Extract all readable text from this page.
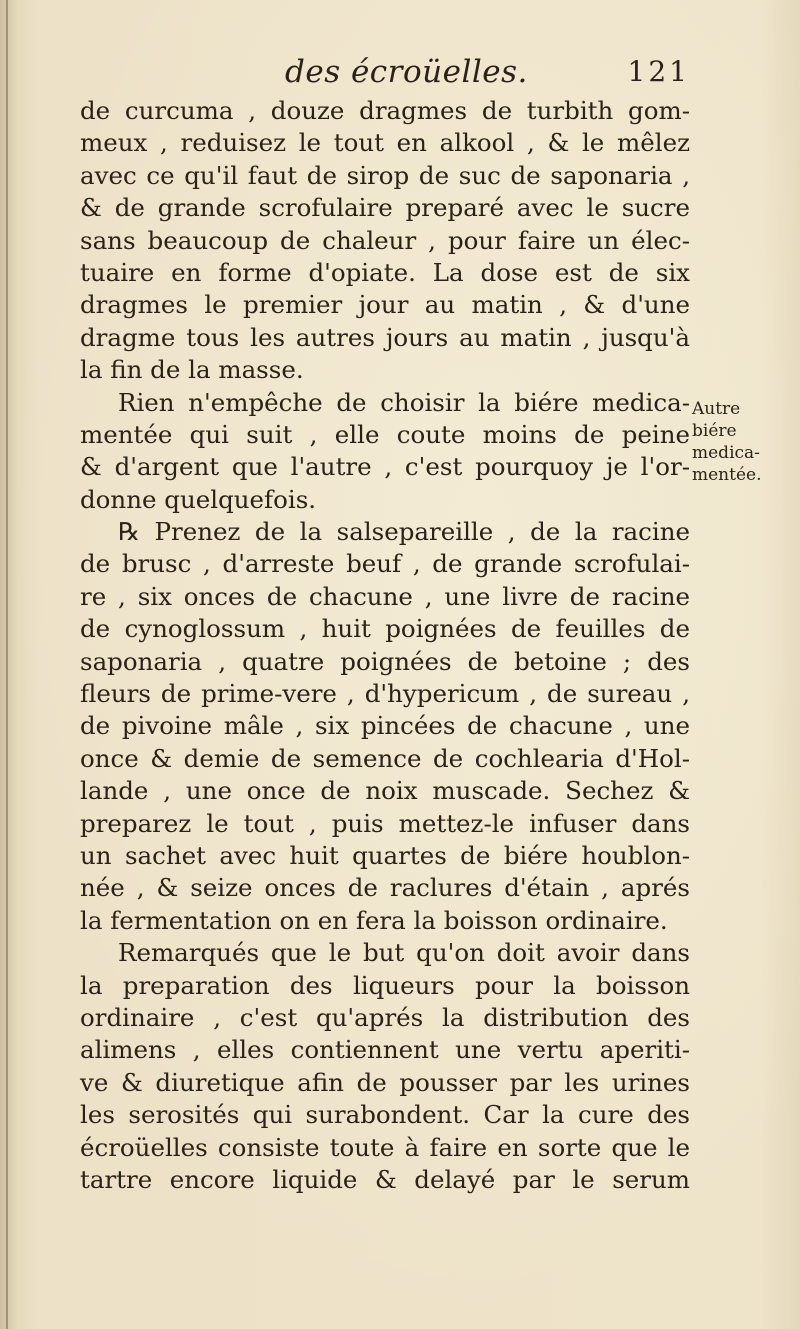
des écroüelles.	121
de curcuma , douze dragmes de turbith gom-
meux , reduisez le tout en alkool , & le mêlez
avec ce qu'il faut de sirop de suc de saponaria ,
& de grande scrofulaire preparé avec le sucre
sans beaucoup de chaleur , pour faire un élec-
tuaire en forme d'opiate. La dose est de six
dragmes le premier jour au matin , & d'une
dragme tous les autres jours au matin , jusqu'à
la fin de la masse.
Rien n'empêche de choisir la biére medica-
mentée qui suit , elle coute moins de peine
& d'argent que l'autre , c'est pourquoy je l'or-
donne quelquefois.
℞ Prenez de la salsepareille , de la racine
de brusc , d'arreste beuf , de grande scrofulai-
re , six onces de chacune , une livre de racine
de cynoglossum , huit poignées de feuilles de
saponaria , quatre poignées de betoine ; des
fleurs de prime-vere , d'hypericum , de sureau ,
de pivoine mâle , six pincées de chacune , une
once & demie de semence de cochlearia d'Hol-
lande , une once de noix muscade. Sechez &
preparez le tout , puis mettez-le infuser dans
un sachet avec huit quartes de biére houblon-
née , & seize onces de raclures d'étain , aprés
la fermentation on en fera la boisson ordinaire.
Remarqués que le but qu'on doit avoir dans
la preparation des liqueurs pour la boisson
ordinaire , c'est qu'aprés la distribution des
alimens , elles contiennent une vertu aperiti-
ve & diuretique afin de pousser par les urines
les serosités qui surabondent. Car la cure des
écroüelles consiste toute à faire en sorte que le
tartre encore liquide & delayé par le serum
Autre
biére
medica-
mentée.
